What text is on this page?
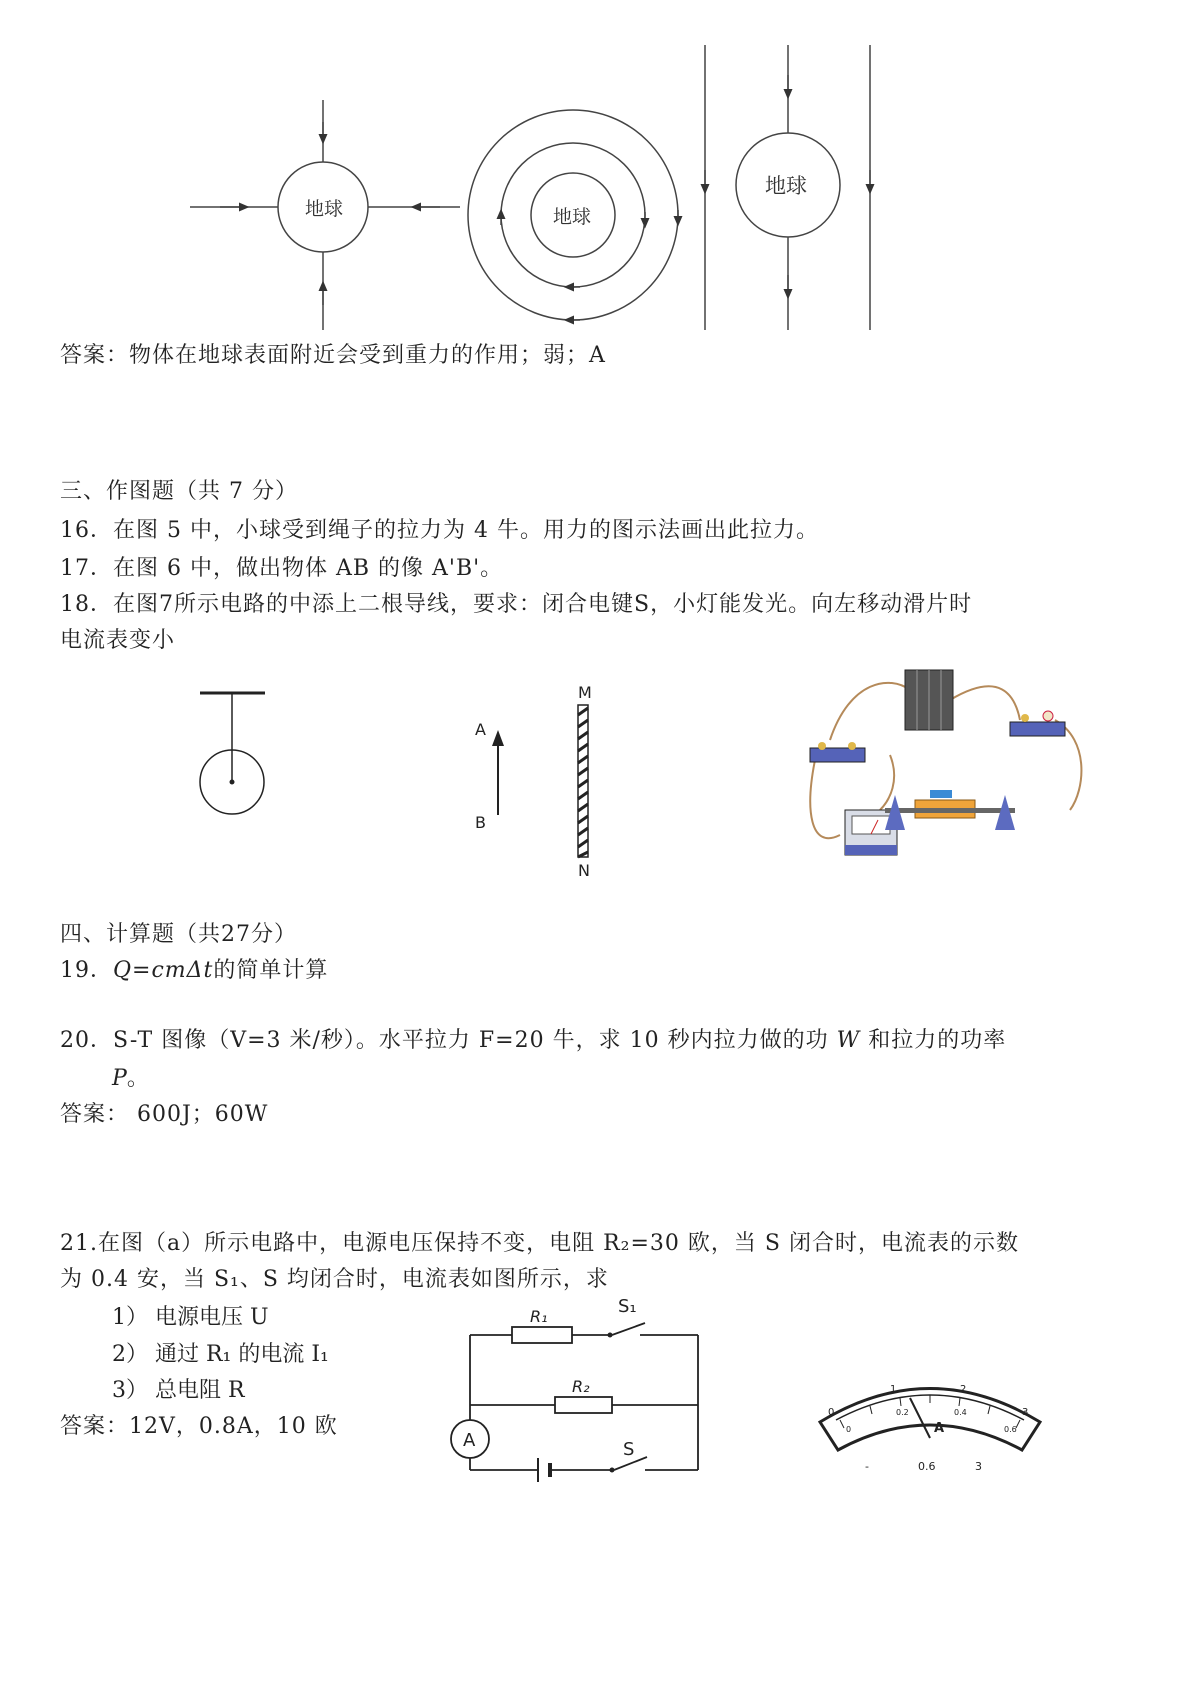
地球	地球
地球
答案：物体在地球表面附近会受到重力的作用；弱；A
三、作图题（共 7 分）
16．在图 5 中，小球受到绳子的拉力为 4 牛。用力的图示法画出此拉力。
17．在图 6 中，做出物体 AB 的像 A'B'。
18．在图7所示电路的中添上二根导线，要求：闭合电键S，小灯能发光。向左移动滑片时
电流表变小
A
B
M
N
四、计算题（共27分）
19．Q=cmΔt的简单计算
20．S-T 图像（V=3 米/秒）。水平拉力 F=20 牛，求 10 秒内拉力做的功 W 和拉力的功率
P。
答案： 600J；60W
21.在图（a）所示电路中，电源电压保持不变，电阻 R₂=30 欧，当 S 闭合时，电流表的示数
为 0.4 安，当 S₁、S 均闭合时，电流表如图所示，求
1） 电源电压 U
2） 通过 R₁ 的电流 I₁
3） 总电阻 R
答案：12V，0.8A，10 欧
A
R₁
R₂
S₁
S
0
1	2
3
0
0.2	0.4
0.6
A
-	0.6	3
